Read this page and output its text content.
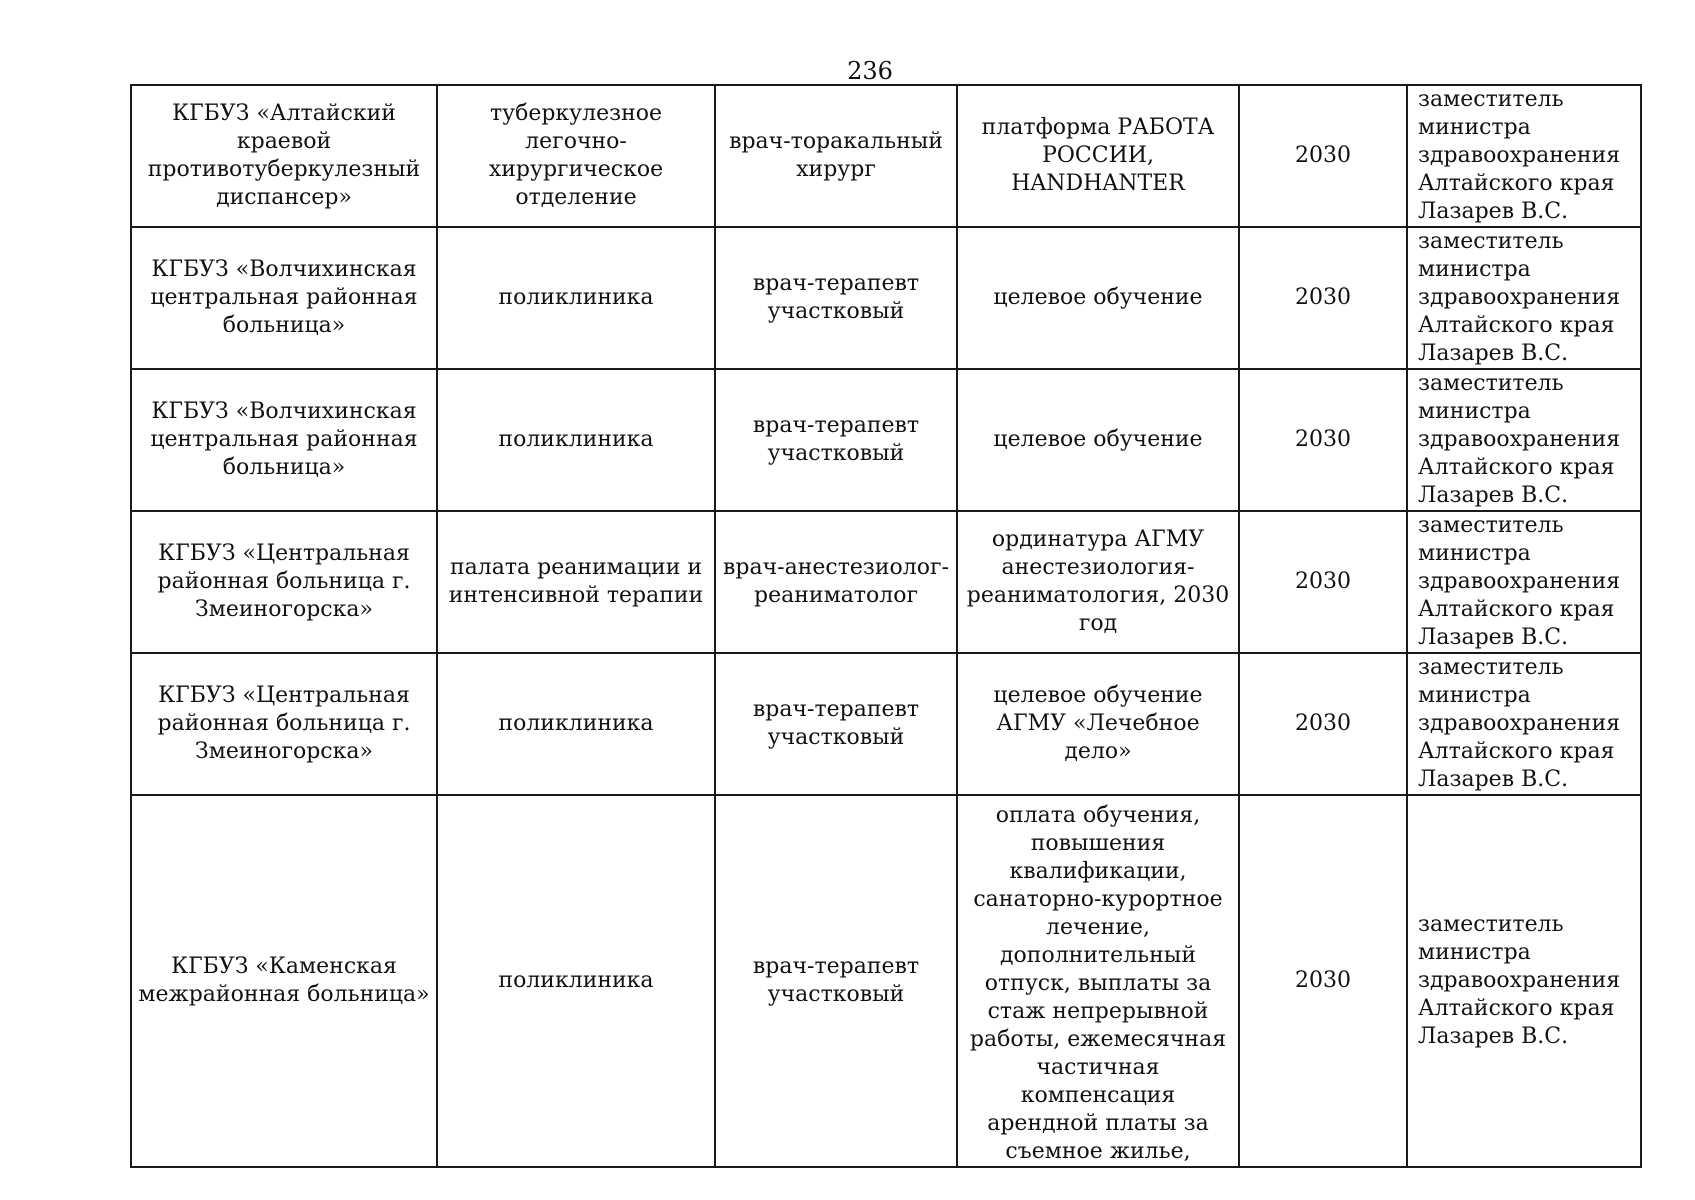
236
КГБУЗ «Алтайский краевой противотуберкулезный диспансер»	туберкулезное легочно-хирургическое отделение	врач-торакальный хирург	платформа РАБОТА РОССИИ, HANDHANTER	2030	заместитель министра здравоохранения Алтайского края Лазарев В.С.
КГБУЗ «Волчихинская центральная районная больница»	поликлиника	врач-терапевт участковый	целевое обучение	2030	заместитель министра здравоохранения Алтайского края Лазарев В.С.
КГБУЗ «Волчихинская центральная районная больница»	поликлиника	врач-терапевт участковый	целевое обучение	2030	заместитель министра здравоохранения Алтайского края Лазарев В.С.
КГБУЗ «Центральная районная больница г. Змеиногорска»	палата реанимации и интенсивной терапии	врач-анестезиолог-реаниматолог	ординатура АГМУ анестезиология-реаниматология, 2030 год	2030	заместитель министра здравоохранения Алтайского края Лазарев В.С.
КГБУЗ «Центральная районная больница г. Змеиногорска»	поликлиника	врач-терапевт участковый	целевое обучение АГМУ «Лечебное дело»	2030	заместитель министра здравоохранения Алтайского края Лазарев В.С.
КГБУЗ «Каменская межрайонная больница»	поликлиника	врач-терапевт участковый	оплата обучения, повышения квалификации, санаторно-курортное лечение, дополнительный отпуск, выплаты за стаж непрерывной работы, ежемесячная частичная компенсация арендной платы за съемное жилье,	2030	заместитель министра здравоохранения Алтайского края Лазарев В.С.
